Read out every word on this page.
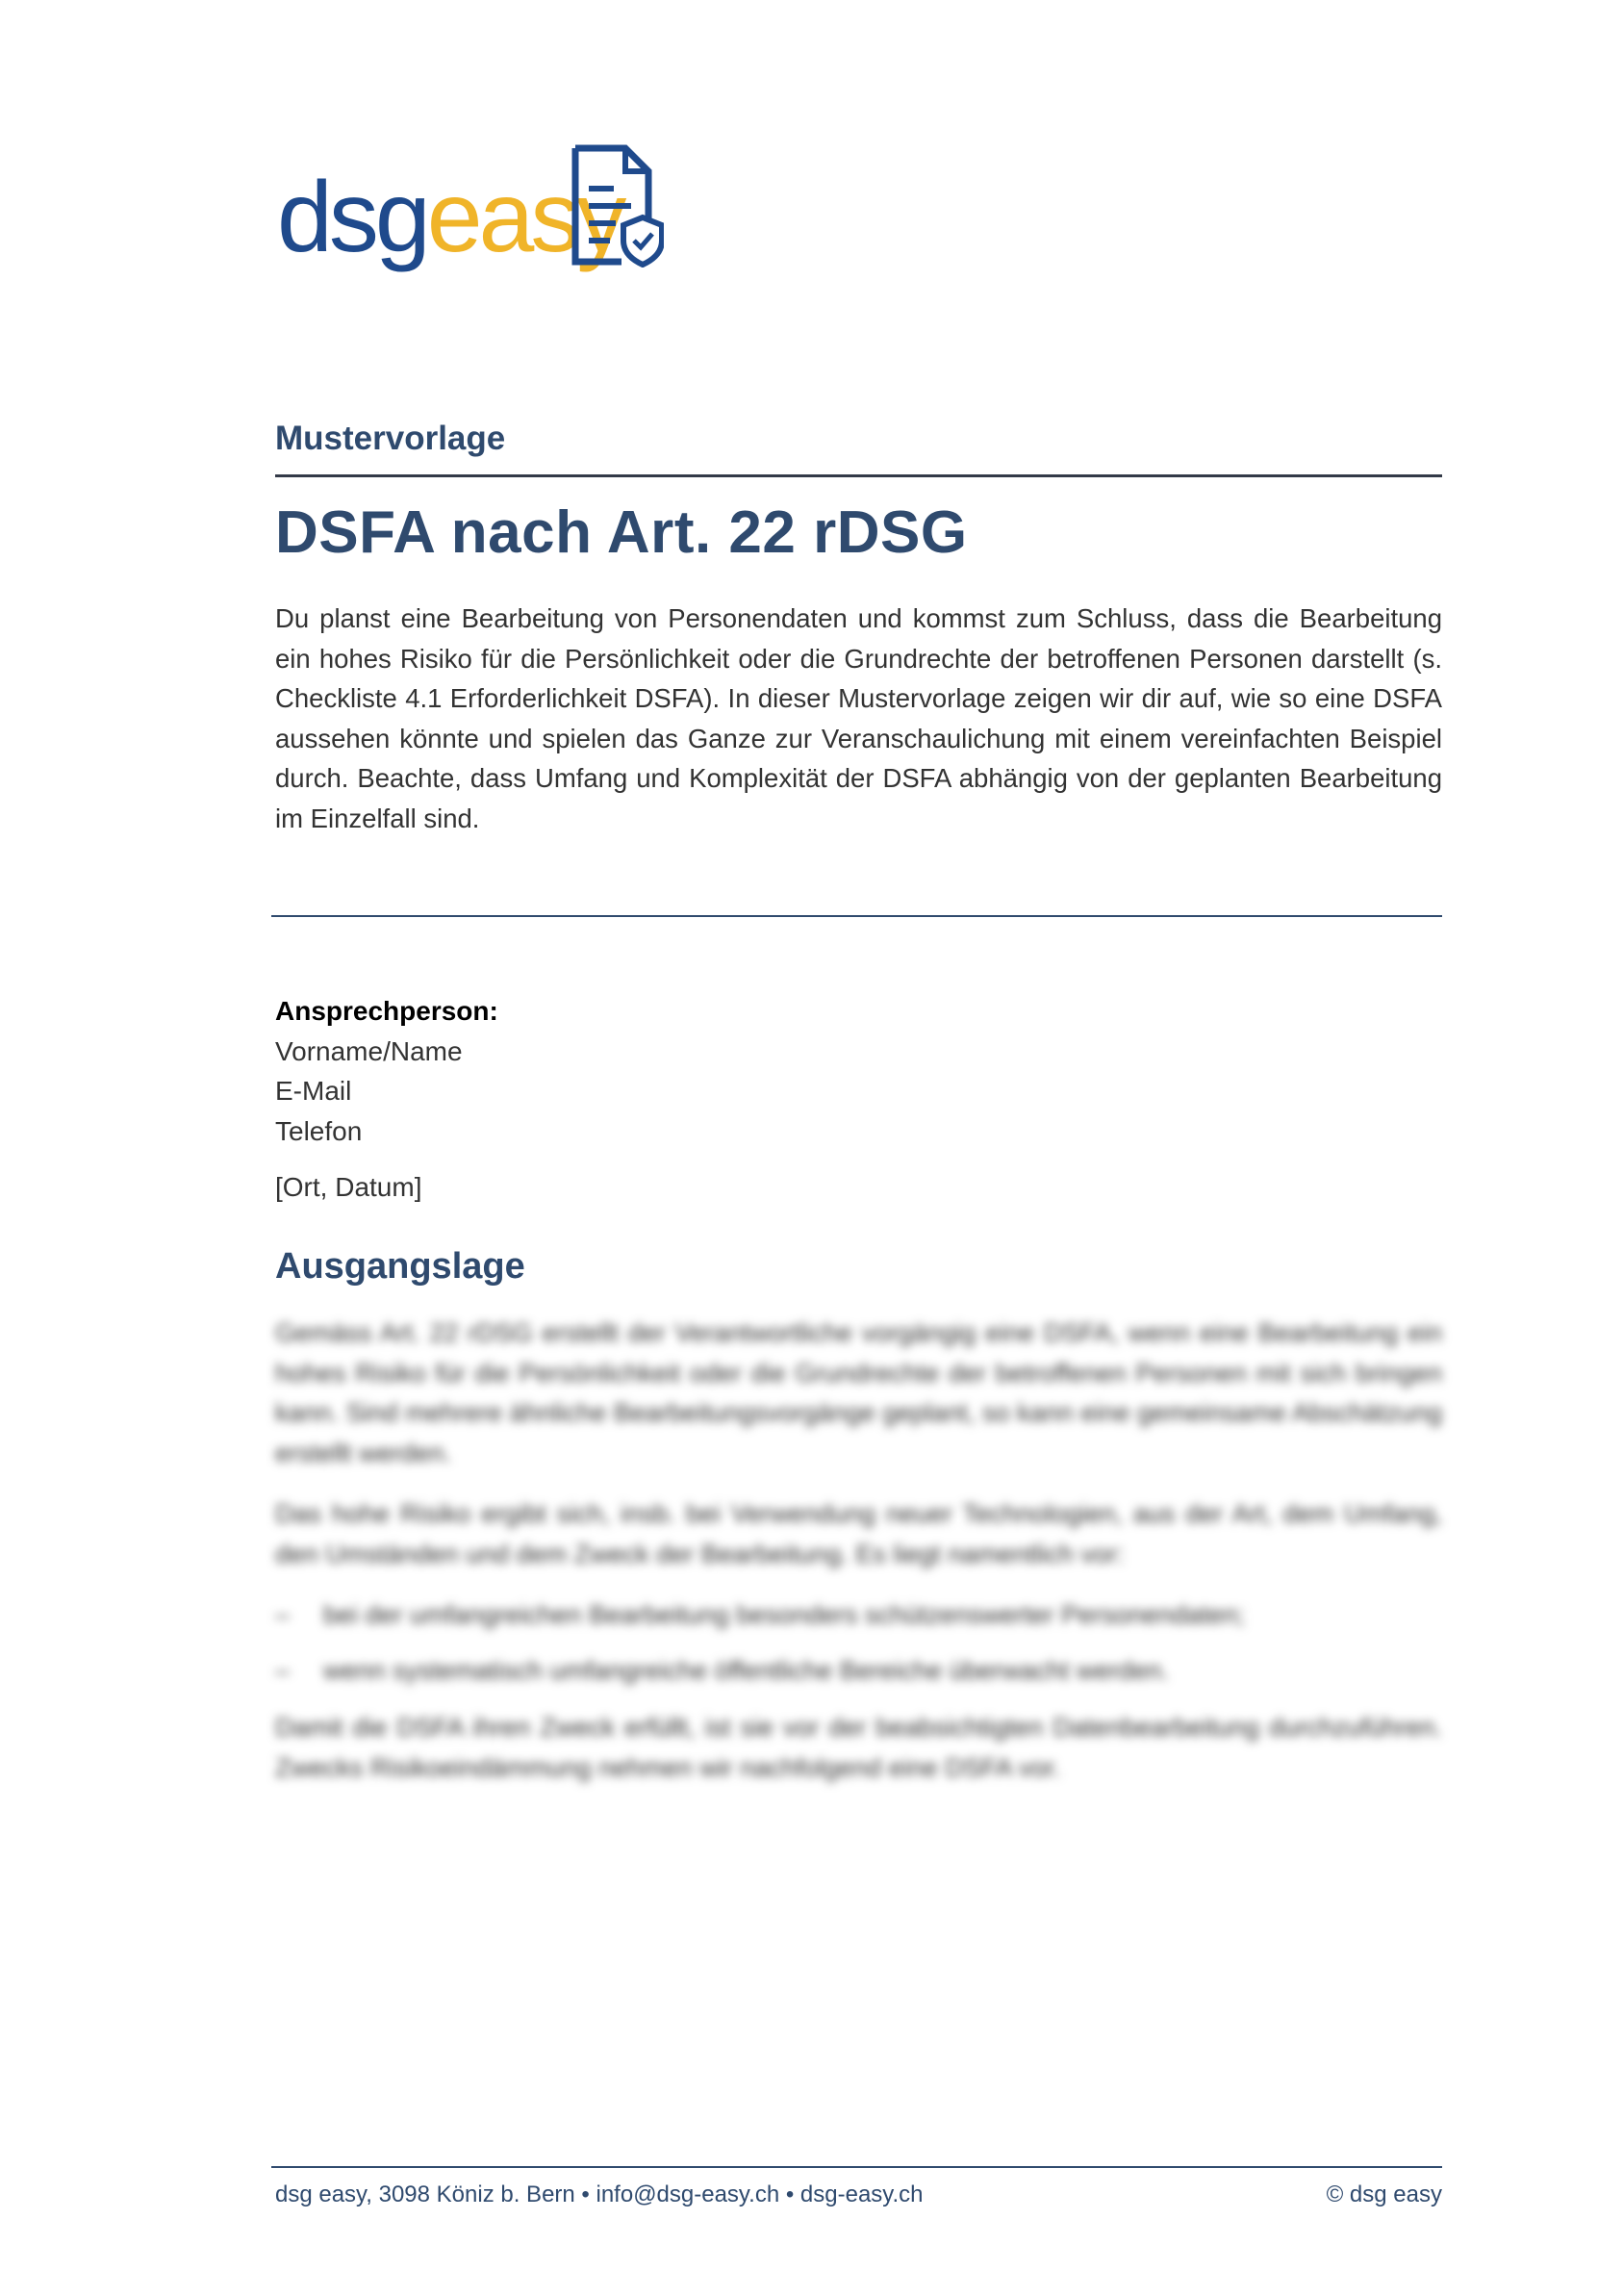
dsg easy
Mustervorlage
DSFA nach Art. 22 rDSG
Du planst eine Bearbeitung von Personendaten und kommst zum Schluss, dass die Bearbeitung ein hohes Risiko für die Persönlichkeit oder die Grundrechte der betroffenen Personen darstellt (s. Checkliste 4.1 Erforderlichkeit DSFA). In dieser Mustervorlage zeigen wir dir auf, wie so eine DSFA aussehen könnte und spielen das Ganze zur Veranschaulichung mit einem vereinfachten Beispiel durch. Beachte, dass Umfang und Komplexität der DSFA abhängig von der geplanten Bearbeitung im Einzelfall sind.
Ansprechperson:
Vorname/Name
E-Mail
Telefon
[Ort, Datum]
Ausgangslage

Gemäss Art. 22 rDSG erstellt der Verantwortliche vorgängig eine DSFA, wenn eine Bearbeitung ein hohes Risiko für die Persönlichkeit oder die Grundrechte der betroffenen Personen mit sich bringen kann. Sind mehrere ähnliche Bearbeitungsvorgänge geplant, so kann eine gemeinsame Abschätzung erstellt werden.

Das hohe Risiko ergibt sich, insb. bei Verwendung neuer Technologien, aus der Art, dem Umfang, den Umständen und dem Zweck der Bearbeitung. Es liegt namentlich vor:

– bei der umfangreichen Bearbeitung besonders schützenswerter Personendaten;
– wenn systematisch umfangreiche öffentliche Bereiche überwacht werden.

Damit die DSFA ihren Zweck erfüllt, ist sie vor der beabsichtigten Datenbearbeitung durchzuführen. Zwecks Risikoeindämmung nehmen wir nachfolgend eine DSFA vor.

dsg easy, 3098 Köniz b. Bern • info@dsg-easy.ch • dsg-easy.ch	© dsg easy
